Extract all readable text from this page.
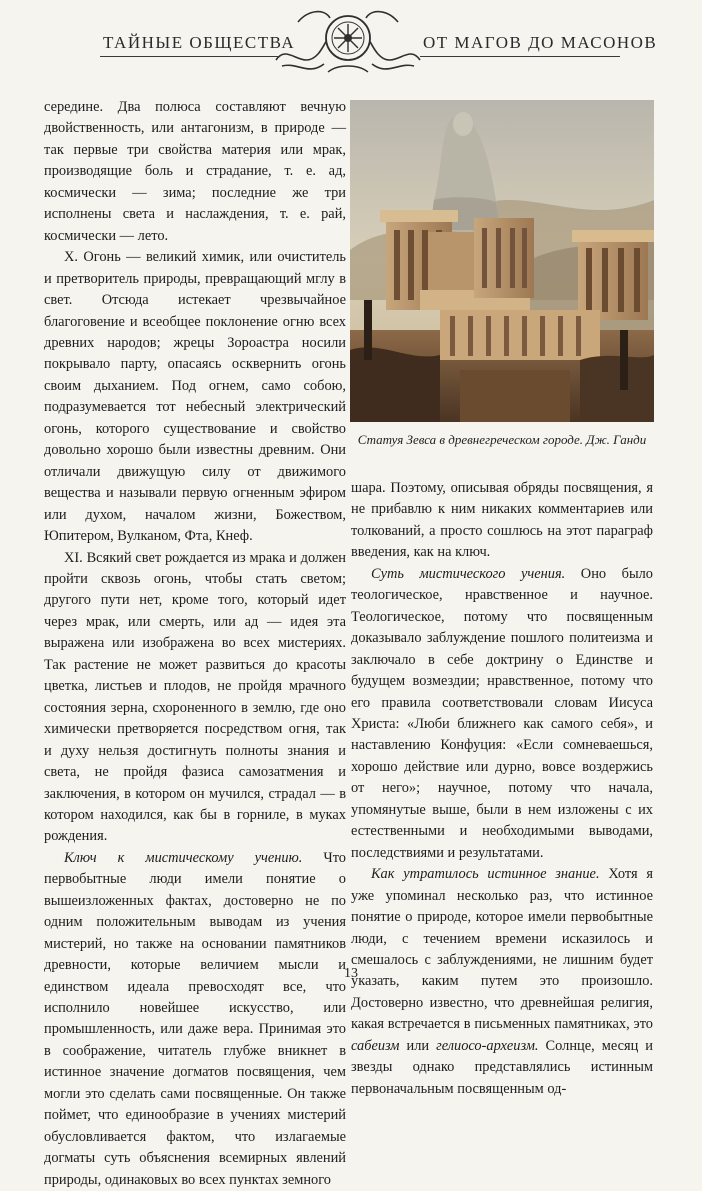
ТАЙНЫЕ ОБЩЕСТВА	ОТ МАГОВ ДО МАСОНОВ

середине. Два полюса составляют вечную двойственность, или антагонизм, в природе — так первые три свойства материя или мрак, производящие боль и страдание, т. е. ад, космически — зима; последние же три исполнены света и наслаждения, т. е. рай, космически — лето.

X. Огонь — великий химик, или очиститель и претворитель природы, превращающий мглу в свет. Отсюда истекает чрезвычайное благоговение и всеобщее поклонение огню всех древних народов; жрецы Зороастра носили покрывало парту, опасаясь осквернить огонь своим дыханием. Под огнем, само собою, подразумевается тот небесный электрический огонь, которого существование и свойство довольно хорошо были известны древним. Они отличали движущую силу от движимого вещества и называли первую огненным эфиром или духом, началом жизни, Божеством, Юпитером, Вулканом, Фта, Кнеф.

XI. Всякий свет рождается из мрака и должен пройти сквозь огонь, чтобы стать светом; другого пути нет, кроме того, который идет через мрак, или смерть, или ад — идея эта выражена или изображена во всех мистериях. Так растение не может развиться до красоты цветка, листьев и плодов, не пройдя мрачного состояния зерна, схороненного в землю, где оно химически претворяется посредством огня, так и духу нельзя достигнуть полноты знания и света, не пройдя фазиса самозатмения и заключения, в котором он мучился, страдал — в котором находился, как бы в горниле, в муках рождения.

Ключ к мистическому учению. Что первобытные люди имели понятие о вышеизложенных фактах, достоверно не по одним положительным выводам из учения мистерий, но также на основании памятников древности, которые величием мысли и единством идеала превосходят все, что исполнило новейшее искусство, или промышленность, или даже вера. Принимая это в соображение, читатель глубже вникнет в истинное значение догматов посвящения, чем могли это сделать сами посвященные. Он также поймет, что единообразие в учениях мистерий обусловливается фактом, что излагаемые догматы суть объяснения всемирных явлений природы, одинаковых во всех пунктах земного

Статуя Зевса в древнегреческом городе. Дж. Ганди

шара. Поэтому, описывая обряды посвящения, я не прибавлю к ним никаких комментариев или толкований, а просто сошлюсь на этот параграф введения, как на ключ.

Суть мистического учения. Оно было теологическое, нравственное и научное. Теологическое, потому что посвященным доказывало заблуждение пошлого политеизма и заключало в себе доктрину о Единстве и будущем возмездии; нравственное, потому что его правила соответствовали словам Иисуса Христа: «Люби ближнего как самого себя», и наставлению Конфуция: «Если сомневаешься, хорошо действие или дурно, вовсе воздержись от него»; научное, потому что начала, упомянутые выше, были в нем изложены с их естественными и необходимыми выводами, последствиями и результатами.

Как утратилось истинное знание. Хотя я уже упоминал несколько раз, что истинное понятие о природе, которое имели первобытные люди, с течением времени исказилось и смешалось с заблуждениями, не лишним будет указать, каким путем это произошло. Достоверно известно, что древнейшая религия, какая встречается в письменных памятниках, это сабеизм или гелиосо-археизм. Солнце, месяц и звезды однако представлялись истинным первоначальным посвященным од-

13
